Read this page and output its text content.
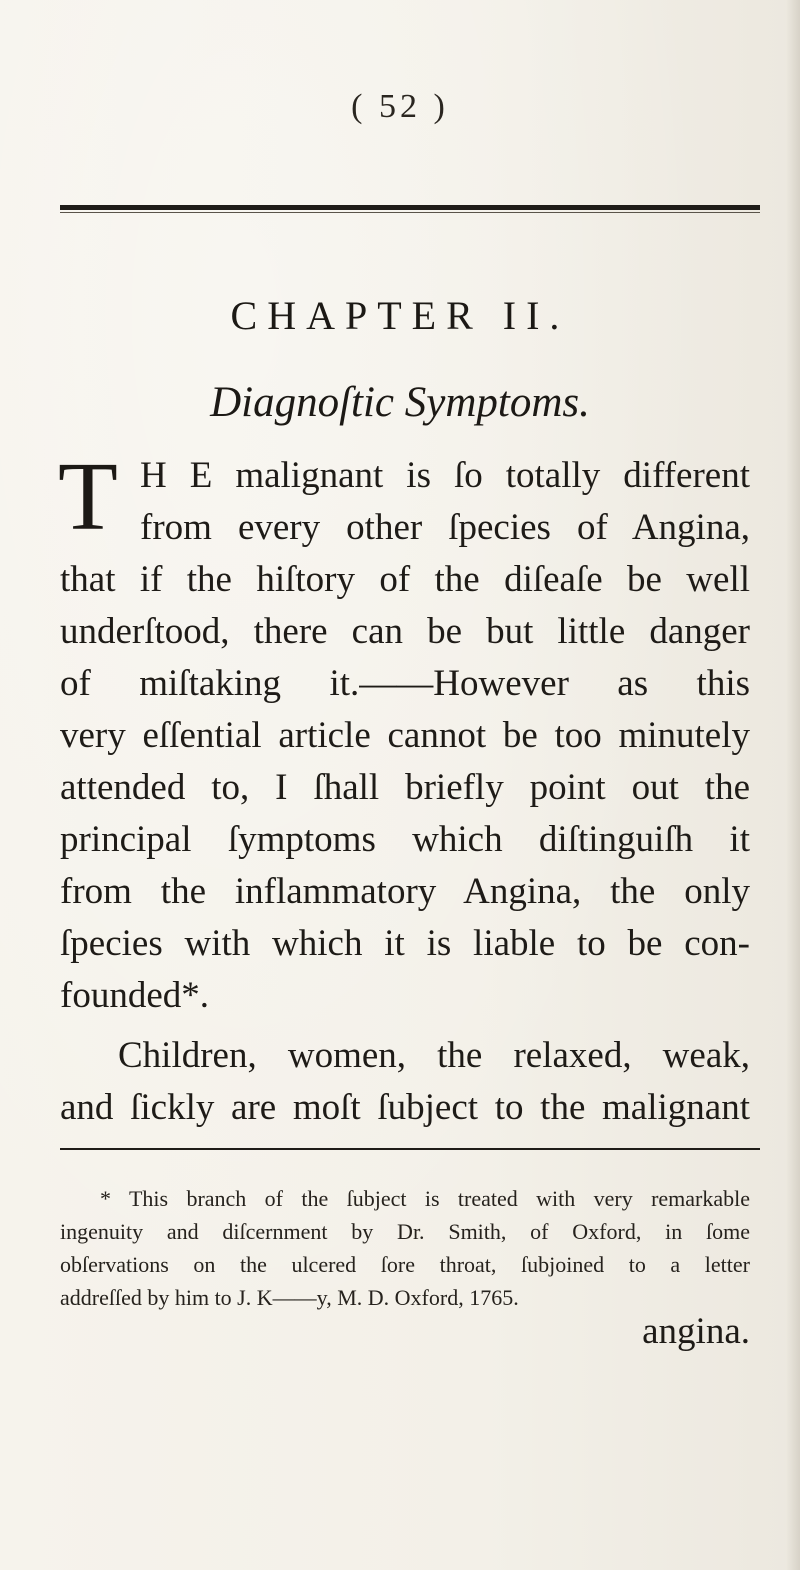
( 52 )
CHAPTER II.
Diagnoſtic Symptoms.
T H E malignant is ſo totally different
from every other ſpecies of Angina,
that if the hiſtory of the diſeaſe be well
underſtood, there can be but little danger
of miſtaking it.——However as this
very eſſential article cannot be too minutely
attended to, I ſhall briefly point out the
principal ſymptoms which diſtinguiſh it
from the inflammatory Angina, the only
ſpecies with which it is liable to be con-
founded*.
Children, women, the relaxed, weak,
and ſickly are moſt ſubject to the malignant
* This branch of the ſubject is treated with very remarkable
ingenuity and diſcernment by Dr. Smith, of Oxford, in ſome
obſervations on the ulcered ſore throat, ſubjoined to a letter
addreſſed by him to J. K——y, M. D. Oxford, 1765.
angina.
